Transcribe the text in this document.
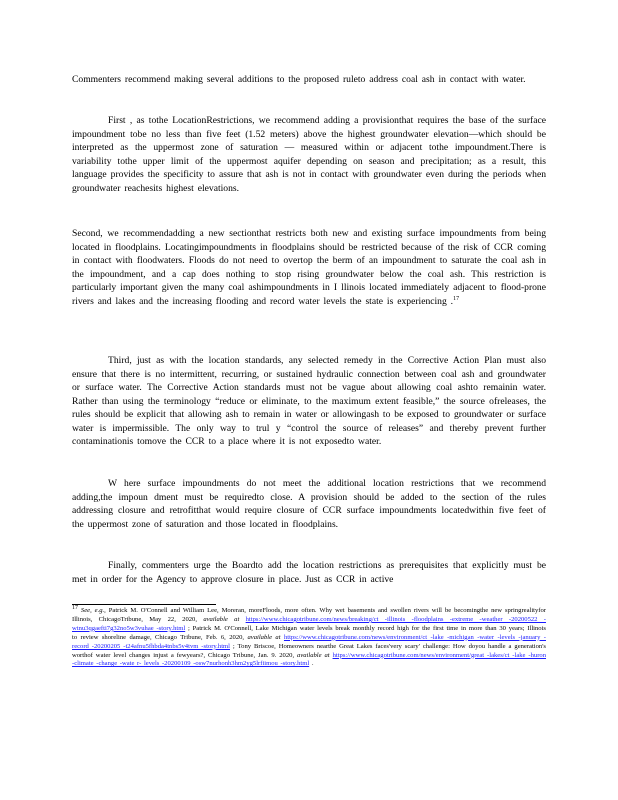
Commenters recommend making several additions to the proposed ruleto address coal ash in contact with water.

First , as tothe LocationRestrictions, we recommend adding a provisionthat requires the base of the surface impoundment tobe no less than five feet (1.52 meters) above the highest groundwater elevation—which should be interpreted as the uppermost zone of saturation — measured within or adjacent tothe impoundment.There is variability tothe upper limit of the uppermost aquifer depending on season and precipitation; as a result, this language provides the specificity to assure that ash is not in contact with groundwater even during the periods when groundwater reachesits highest elevations.

Second, we recommendadding a new sectionthat restricts both new and existing surface impoundments from being located in floodplains. Locatingimpoundments in floodplains should be restricted because of the risk of CCR coming in contact with floodwaters. Floods do not need to overtop the berm of an impoundment to saturate the coal ash in the impoundment, and a cap does nothing to stop rising groundwater below the coal ash. This restriction is particularly important given the many coal ashimpoundments in I llinois located immediately adjacent to flood-prone rivers and lakes and the increasing flooding and record water levels the state is experiencing .$^{17}$

Third, just as with the location standards, any selected remedy in the Corrective Action Plan must also ensure that there is no intermittent, recurring, or sustained hydraulic connection between coal ash and groundwater or surface water. The Corrective Action standards must not be vague about allowing coal ashto remainin water. Rather than using the terminology “reduce or eliminate, to the maximum extent feasible,” the source ofreleases, the rules should be explicit that allowing ash to remain in water or allowingash to be exposed to groundwater or surface water is impermissible. The only way to trul y “control the source of releases” and thereby prevent further contaminationis tomove the CCR to a place where it is not exposedto water.

W here surface impoundments do not meet the additional location restrictions that we recommend adding,the impoun dment must be requiredto close. A provision should be added to the section of the rules addressing closure and retrofitthat would require closure of CCR surface impoundments locatedwithin five feet of the uppermost zone of saturation and those located in floodplains.

Finally, commenters urge the Boardto add the location restrictions as prerequisites that explicitly must be met in order for the Agency to approve closure in place. Just as CCR in active

17 See, e.g., Patrick M. O'Connell and William Lee, Moreran, moreFloods, more often. Why wet basements and swollen rivers will be becomingthe new springrealityfor Illinois, ChicagoTribune, May 22, 2020, available at https://www.chicagotribune.com/news/breaking/ct -illinois -floodplains -extreme -weather -20200522 -wtnu3qgaefti7g32no5w3vuhae -story.html ; Patrick M. O'Connell, Lake Michigan water levels break monthly record high for the first time in more than 30 years; Illinois to review shoreline damage, Chicago Tribune, Feb. 6, 2020, available at https://www.chicagotribune.com/news/environment/ct -lake -michigan -water -levels -january -record -20200205 -t24afnu5fhbda4tnbs5v4tvm -story.html ; Tony Briscoe, Homeowners nearthe Great Lakes faces'very scary' challenge: How doyou handle a generation's worthof water level changes injust a fewyears?, Chicago Tribune, Jan. 9. 2020, available at https://www.chicagotribune.com/news/environment/great -lakes/ct -lake -huron -climate -change -wate r- levels -20200109 -osw7nurhonh3hm2yg5lrfiimou -story.html .
